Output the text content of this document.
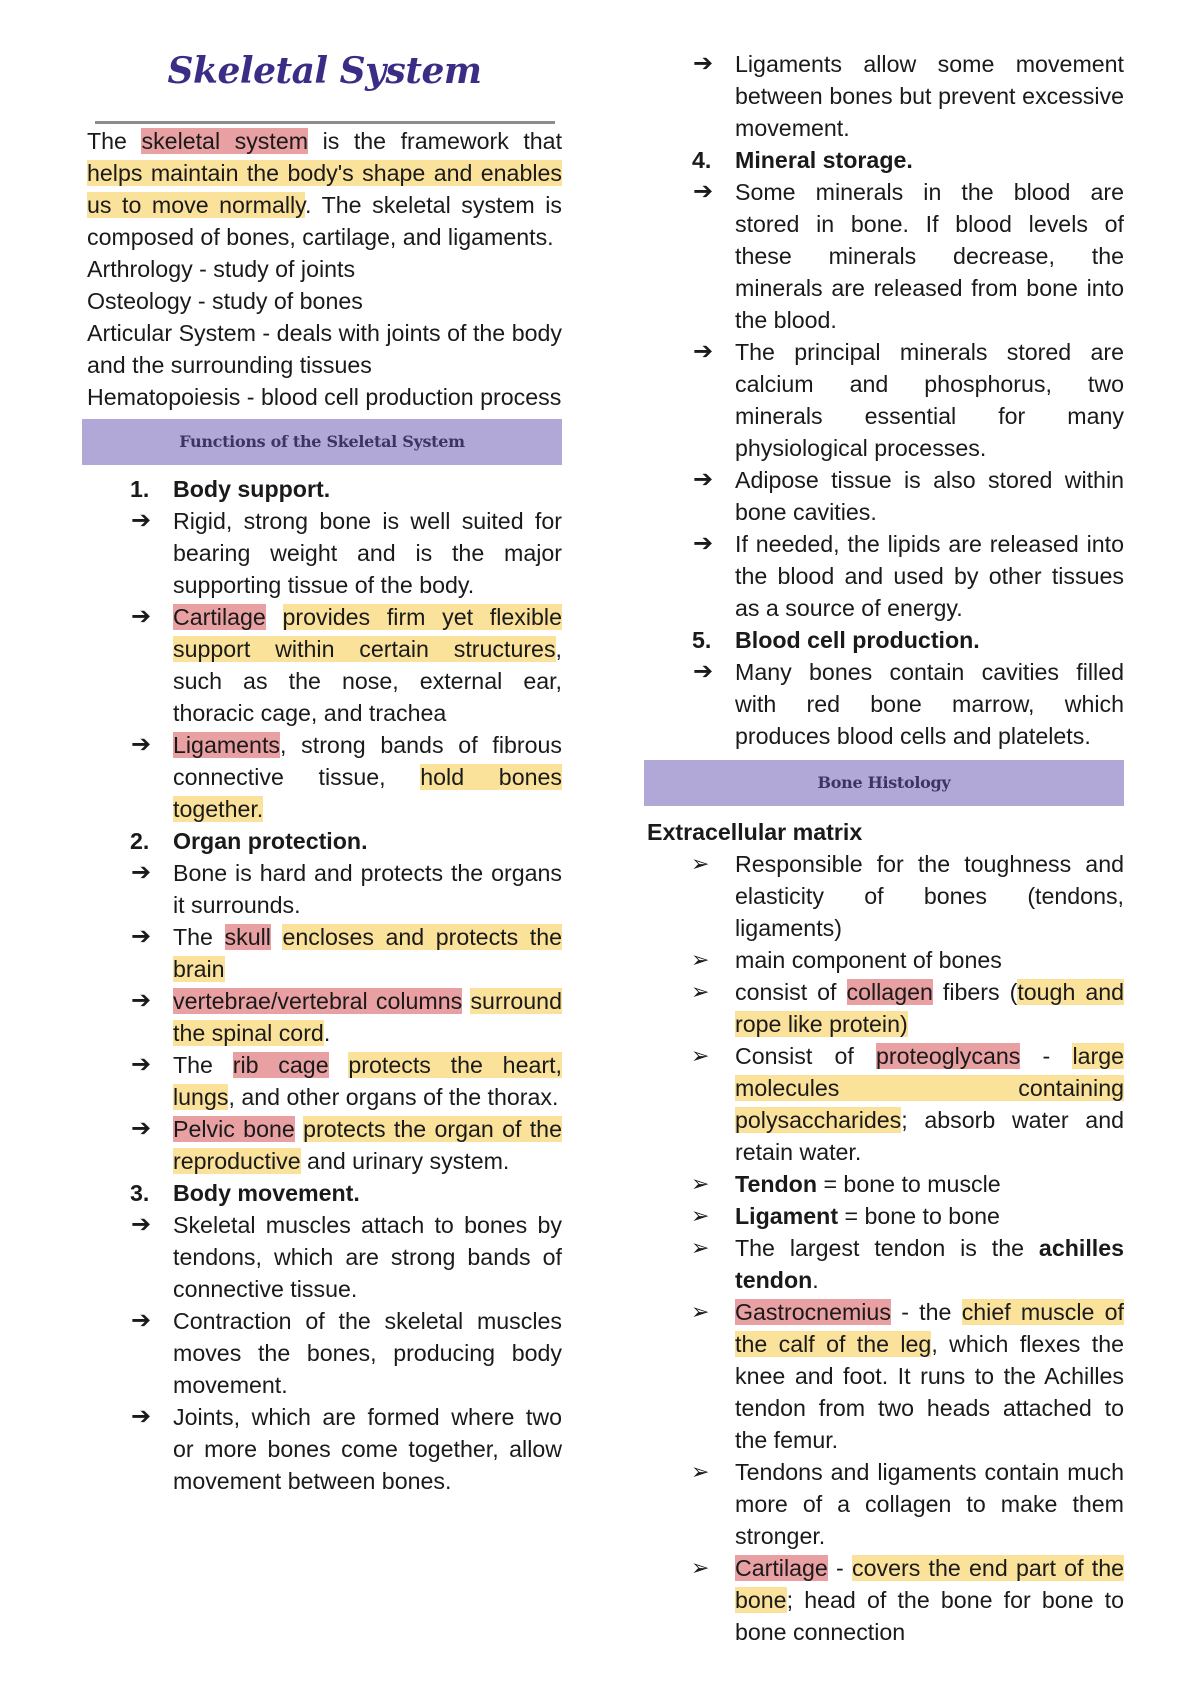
Skeletal System

The skeletal system is the framework that helps maintain the body's shape and enables us to move normally. The skeletal system is composed of bones, cartilage, and ligaments.

Arthrology - study of joints

Osteology - study of bones

Articular System - deals with joints of the body and the surrounding tissues

Hematopoiesis - blood cell production process

Functions of the Skeletal System
1. Body support.
➔ Rigid, strong bone is well suited for bearing weight and is the major supporting tissue of the body.
➔ Cartilage provides firm yet flexible support within certain structures, such as the nose, external ear, thoracic cage, and trachea
➔ Ligaments, strong bands of fibrous connective tissue, hold bones together.
2. Organ protection.
➔ Bone is hard and protects the organs it surrounds.
➔ The skull encloses and protects the brain
➔ vertebrae/vertebral columns surround the spinal cord.
➔ The rib cage protects the heart, lungs, and other organs of the thorax.
➔ Pelvic bone protects the organ of the reproductive and urinary system.
3. Body movement.
➔ Skeletal muscles attach to bones by tendons, which are strong bands of connective tissue.
➔ Contraction of the skeletal muscles moves the bones, producing body movement.
➔ Joints, which are formed where two or more bones come together, allow movement between bones.
➔ Ligaments allow some movement between bones but prevent excessive movement.
4. Mineral storage.
➔ Some minerals in the blood are stored in bone. If blood levels of these minerals decrease, the minerals are released from bone into the blood.
➔ The principal minerals stored are calcium and phosphorus, two minerals essential for many physiological processes.
➔ Adipose tissue is also stored within bone cavities.
➔ If needed, the lipids are released into the blood and used by other tissues as a source of energy.
5. Blood cell production.
➔ Many bones contain cavities filled with red bone marrow, which produces blood cells and platelets.
Bone Histology

Extracellular matrix

➢ Responsible for the toughness and elasticity of bones (tendons, ligaments)
➢ main component of bones
➢ consist of collagen fibers (tough and rope like protein)
➢ Consist of proteoglycans - large molecules containing polysaccharides; absorb water and retain water.
➢ Tendon = bone to muscle
➢ Ligament = bone to bone
➢ The largest tendon is the achilles tendon.
➢ Gastrocnemius - the chief muscle of the calf of the leg, which flexes the knee and foot. It runs to the Achilles tendon from two heads attached to the femur.
➢ Tendons and ligaments contain much more of a collagen to make them stronger.
➢ Cartilage - covers the end part of the bone; head of the bone for bone to bone connection
